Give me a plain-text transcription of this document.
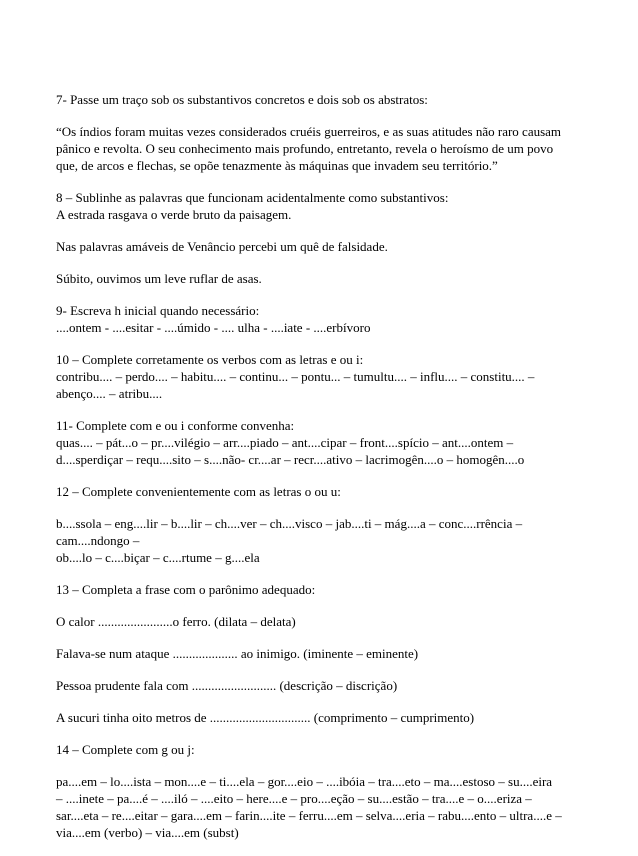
7- Passe um traço sob os substantivos concretos e dois sob os abstratos:

“Os índios foram muitas vezes considerados cruéis guerreiros, e as suas atitudes não raro causam
pânico e revolta. O seu conhecimento mais profundo, entretanto, revela o heroísmo de um povo
que, de arcos e flechas, se opõe tenazmente às máquinas que invadem seu território.”

8 – Sublinhe as palavras que funcionam acidentalmente como substantivos:
A estrada rasgava o verde bruto da paisagem.

Nas palavras amáveis de Venâncio percebi um quê de falsidade.

Súbito, ouvimos um leve ruflar de asas.

9- Escreva h inicial quando necessário:
....ontem - ....esitar - ....úmido - .... ulha - ....iate - ....erbívoro

10 – Complete corretamente os verbos com as letras e ou i:
contribu.... – perdo.... – habitu.... – continu... – pontu... – tumultu.... – influ.... – constitu.... –
abenço.... – atribu....

11- Complete com e ou i conforme convenha:
quas.... – pát...o – pr....vilégio – arr....piado – ant....cipar – front....spício – ant....ontem –
d....sperdiçar – requ....sito – s....não- cr....ar – recr....ativo – lacrimogên....o – homogên....o

12 – Complete convenientemente com as letras o ou u:

b....ssola – eng....lir – b....lir – ch....ver – ch....visco – jab....ti – mág....a – conc....rrência –
cam....ndongo –
ob....lo – c....biçar – c....rtume – g....ela

13 – Completa a frase com o parônimo adequado:

O calor .......................o ferro. (dilata – delata)

Falava-se num ataque .................... ao inimigo. (iminente – eminente)

Pessoa prudente fala com .......................... (descrição – discrição)

A sucuri tinha oito metros de ............................... (comprimento – cumprimento)

14 – Complete com g ou j:

pa....em – lo....ista – mon....e – ti....ela – gor....eio – ....ibóia – tra....eto – ma....estoso – su....eira
– ....inete – pa....é – ....iló – ....eito – here....e – pro....eção – su....estão – tra....e – o....eriza –
sar....eta – re....eitar – gara....em – farin....ite – ferru....em – selva....eria – rabu....ento – ultra....e –
via....em (verbo) – via....em (subst)
